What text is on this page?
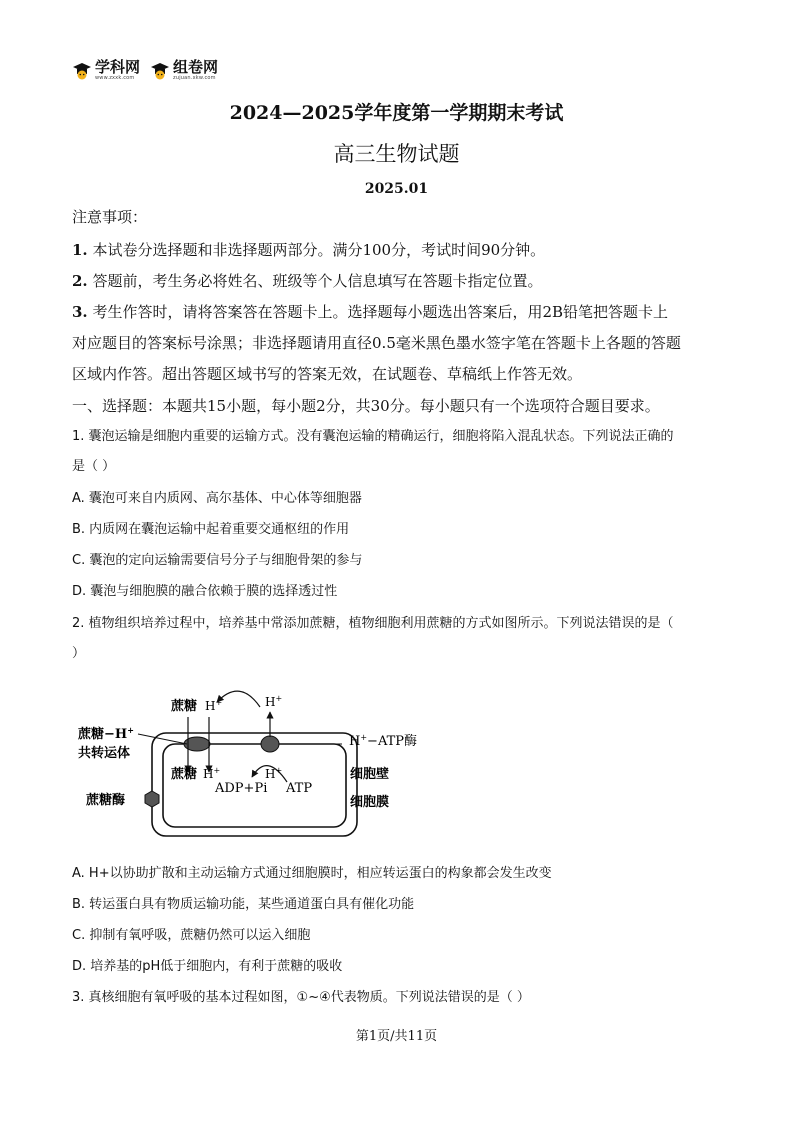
学科网
www.zxxk.com
组卷网
zujuan.xkw.com
2024—2025学年度第一学期期末考试
高三生物试题
2025.01
注意事项：
1. 本试卷分选择题和非选择题两部分。满分100分，考试时间90分钟。
2. 答题前，考生务必将姓名、班级等个人信息填写在答题卡指定位置。
3. 考生作答时，请将答案答在答题卡上。选择题每小题选出答案后，用2B铅笔把答题卡上
对应题目的答案标号涂黑；非选择题请用直径0.5毫米黑色墨水签字笔在答题卡上各题的答题
区域内作答。超出答题区域书写的答案无效，在试题卷、草稿纸上作答无效。
一、选择题：本题共15小题，每小题2分，共30分。每小题只有一个选项符合题目要求。
1. 囊泡运输是细胞内重要的运输方式。没有囊泡运输的精确运行，细胞将陷入混乱状态。下列说法正确的
是（ ）
A. 囊泡可来自内质网、高尔基体、中心体等细胞器
B. 内质网在囊泡运输中起着重要交通枢纽的作用
C. 囊泡的定向运输需要信号分子与细胞骨架的参与
D. 囊泡与细胞膜的融合依赖于膜的选择透过性
2. 植物组织培养过程中，培养基中常添加蔗糖，植物细胞利用蔗糖的方式如图所示。下列说法错误的是（
）
蔗糖 H+	H+
蔗糖−H+
共转运体
H+−ATP酶
蔗糖 H+	H+
ADP+Pi ATP
细胞壁
细胞膜
蔗糖酶
A. H+以协助扩散和主动运输方式通过细胞膜时，相应转运蛋白的构象都会发生改变
B. 转运蛋白具有物质运输功能，某些通道蛋白具有催化功能
C. 抑制有氧呼吸，蔗糖仍然可以运入细胞
D. 培养基的pH低于细胞内，有利于蔗糖的吸收
3. 真核细胞有氧呼吸的基本过程如图，①~④代表物质。下列说法错误的是（ ）
第1页/共11页
